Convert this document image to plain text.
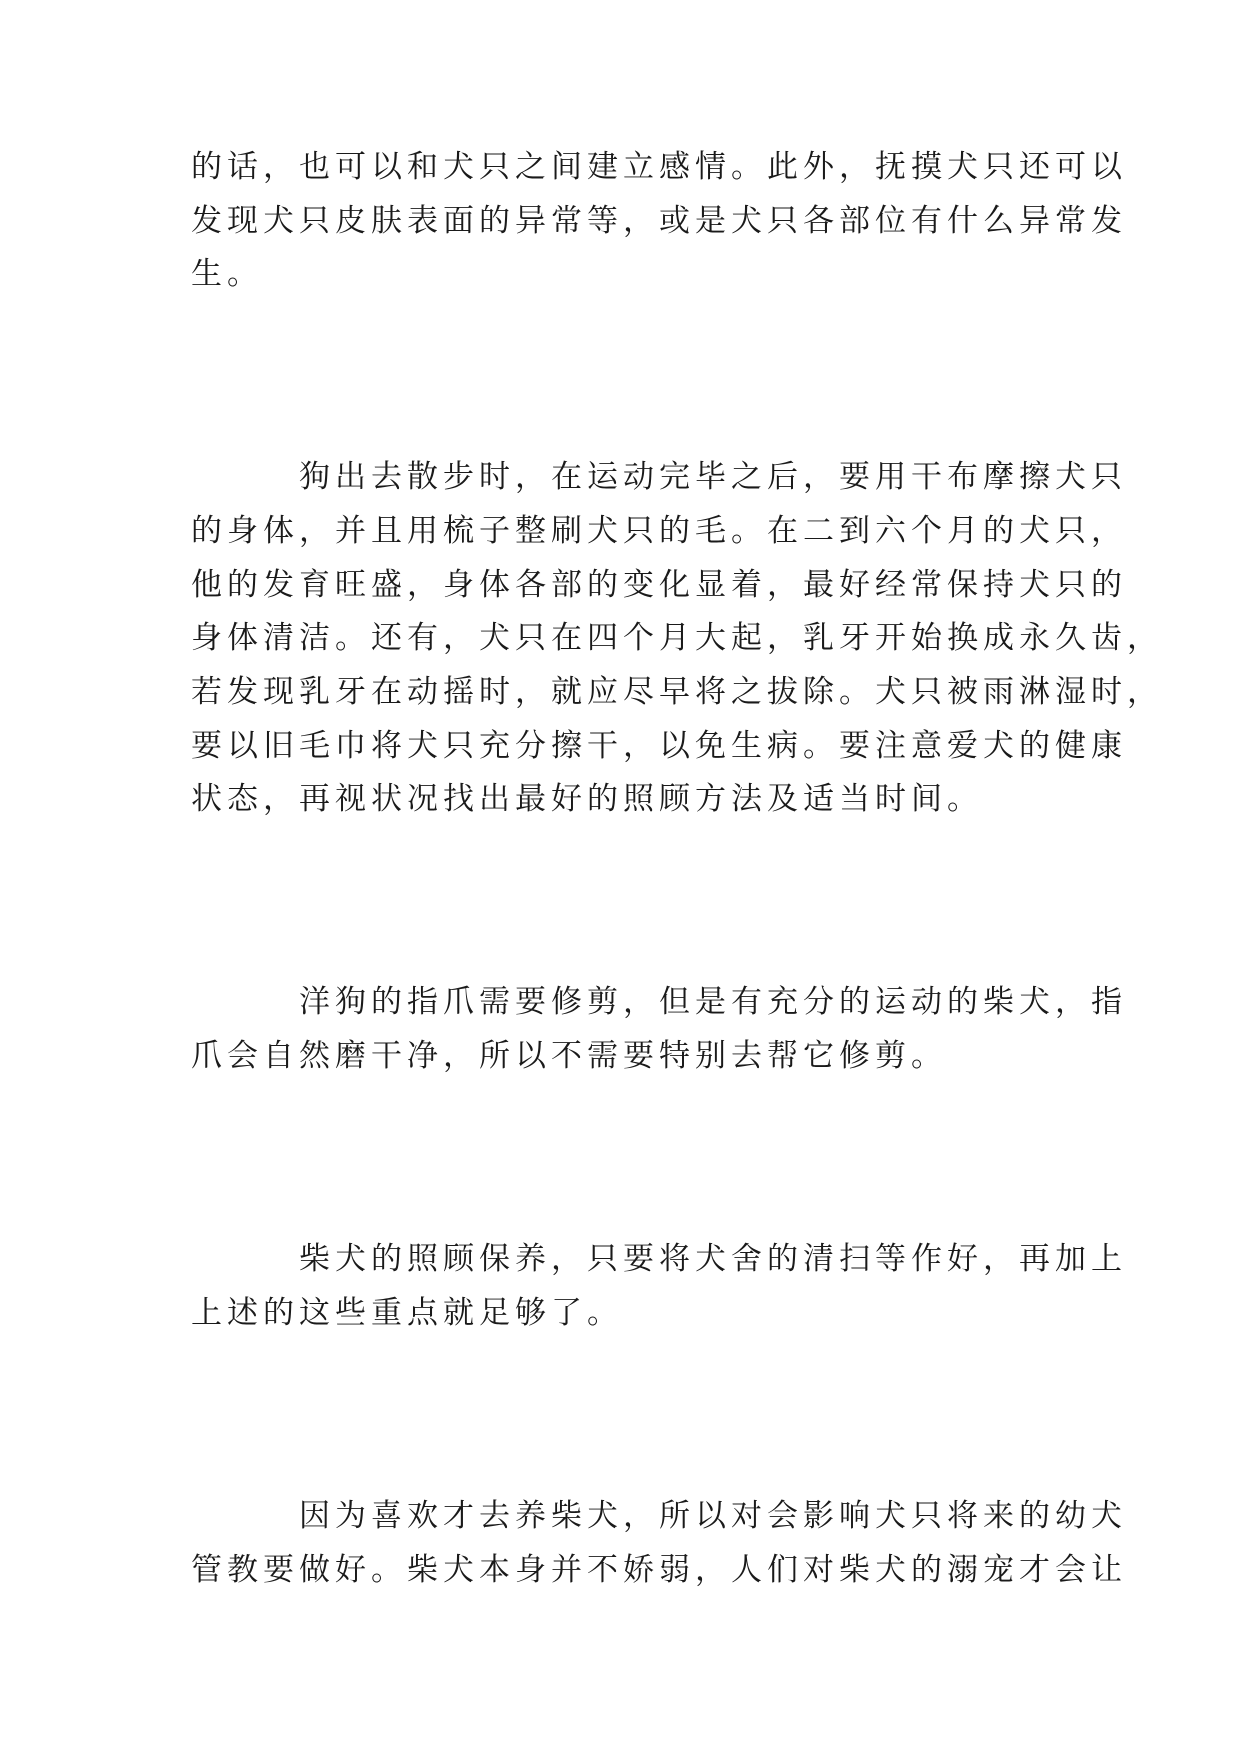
的话，也可以和犬只之间建立感情。此外，抚摸犬只还可以
发现犬只皮肤表面的异常等，或是犬只各部位有什么异常发
生。
狗出去散步时，在运动完毕之后，要用干布摩擦犬只
的身体，并且用梳子整刷犬只的毛。在二到六个月的犬只，
他的发育旺盛，身体各部的变化显着，最好经常保持犬只的
身体清洁。还有，犬只在四个月大起，乳牙开始换成永久齿，
若发现乳牙在动摇时，就应尽早将之拔除。犬只被雨淋湿时，
要以旧毛巾将犬只充分擦干，以免生病。要注意爱犬的健康
状态，再视状况找出最好的照顾方法及适当时间。
洋狗的指爪需要修剪，但是有充分的运动的柴犬，指
爪会自然磨干净，所以不需要特别去帮它修剪。
柴犬的照顾保养，只要将犬舍的清扫等作好，再加上
上述的这些重点就足够了。
因为喜欢才去养柴犬，所以对会影响犬只将来的幼犬
管教要做好。柴犬本身并不娇弱，人们对柴犬的溺宠才会让
